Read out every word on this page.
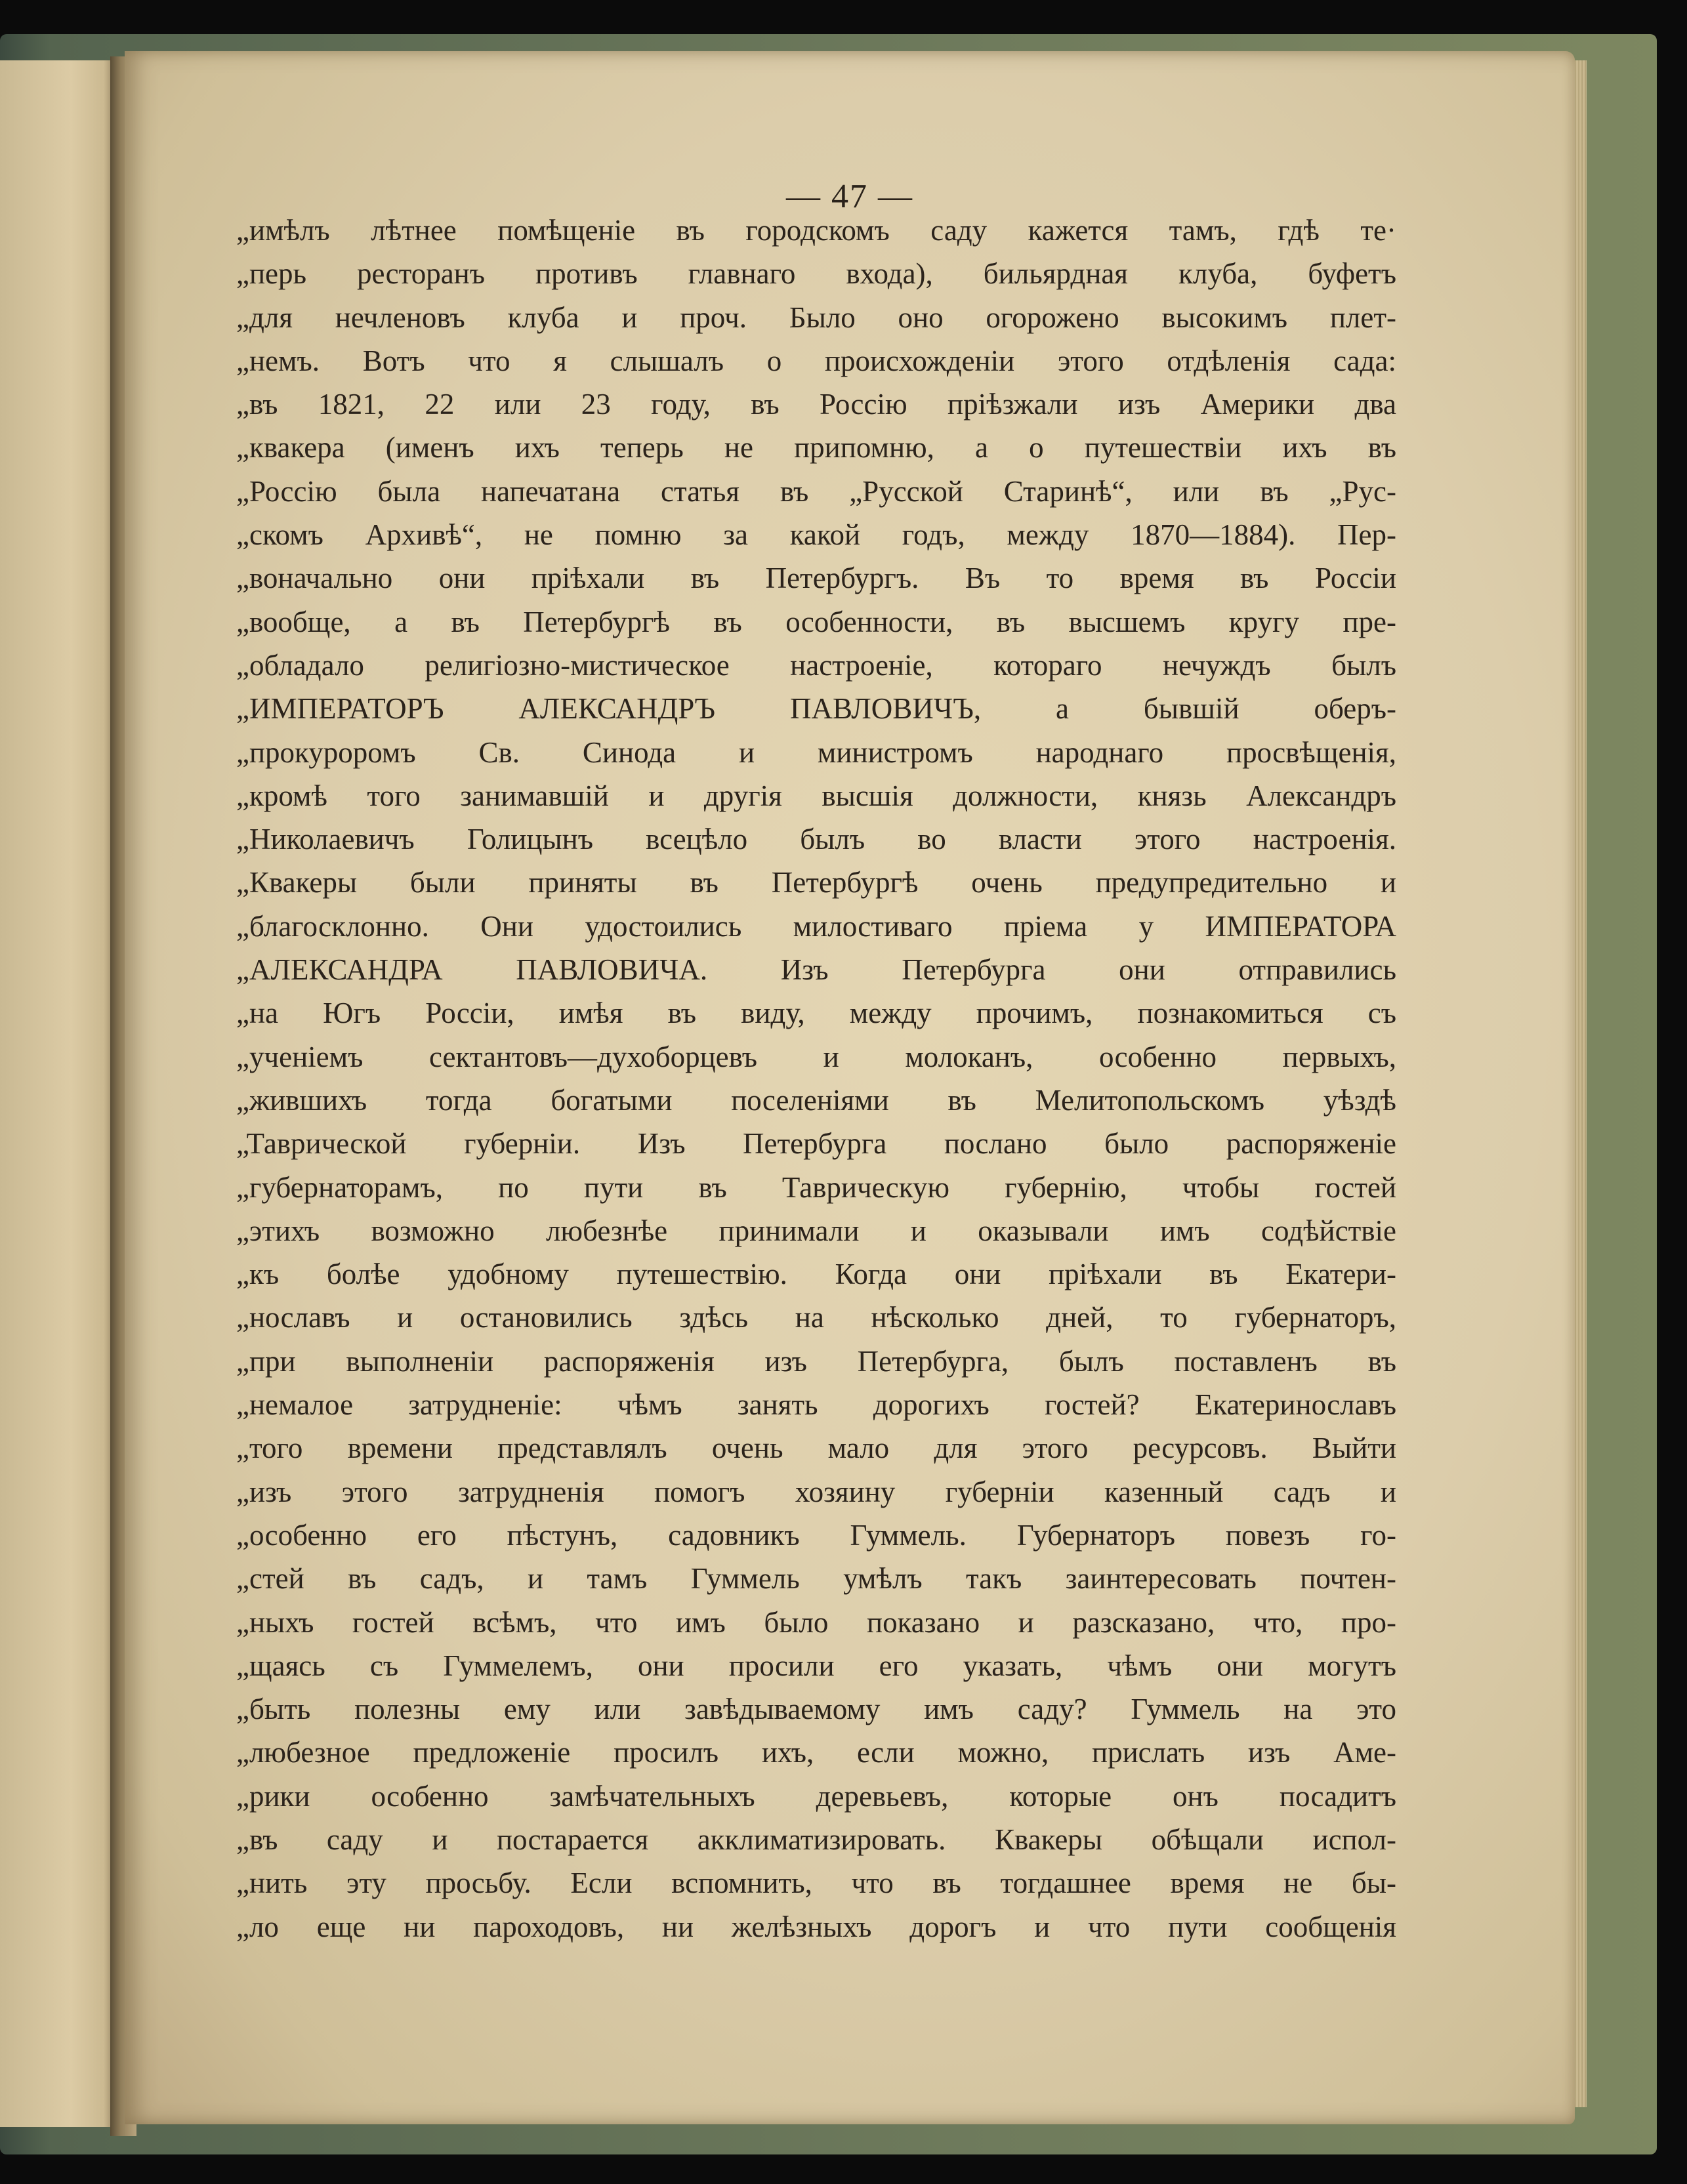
— 47 —
„имѣлъ лѣтнее помѣщеніе въ городскомъ саду кажется тамъ, гдѣ те·
„перь ресторанъ противъ главнаго входа), бильярдная клуба, буфетъ
„для нечленовъ клуба и проч. Было оно огорожено высокимъ плет-
„немъ. Вотъ что я слышалъ о происхожденіи этого отдѣленія сада:
„въ 1821, 22 или 23 году, въ Россію пріѣзжали изъ Америки два
„квакера (именъ ихъ теперь не припомню, а о путешествіи ихъ въ
„Россію была напечатана статья въ „Русской Старинѣ“, или въ „Рус-
„скомъ Архивѣ“, не помню за какой годъ, между 1870—1884). Пер-
„воначально они пріѣхали въ Петербургъ. Въ то время въ Россіи
„вообще, а въ Петербургѣ въ особенности, въ высшемъ кругу пре-
„обладало религіозно-мистическое настроеніе, котораго нечуждъ былъ
„ИМПЕРАТОРЪ АЛЕКСАНДРЪ ПАВЛОВИЧЪ, а бывшій оберъ-
„прокуроромъ Св. Синода и министромъ народнаго просвѣщенія,
„кромѣ того занимавшій и другія высшія должности, князь Александръ
„Николаевичъ Голицынъ всецѣло былъ во власти этого настроенія.
„Квакеры были приняты въ Петербургѣ очень предупредительно и
„благосклонно. Они удостоились милостиваго пріема у ИМПЕРАТОРА
„АЛЕКСАНДРА ПАВЛОВИЧА. Изъ Петербурга они отправились
„на Югъ Россіи, имѣя въ виду, между прочимъ, познакомиться съ
„ученіемъ сектантовъ—духоборцевъ и молоканъ, особенно первыхъ,
„жившихъ тогда богатыми поселеніями въ Мелитопольскомъ уѣздѣ
„Таврической губерніи. Изъ Петербурга послано было распоряженіе
„губернаторамъ, по пути въ Таврическую губернію, чтобы гостей
„этихъ возможно любезнѣе принимали и оказывали имъ содѣйствіе
„къ болѣе удобному путешествію. Когда они пріѣхали въ Екатери-
„нославъ и остановились здѣсь на нѣсколько дней, то губернаторъ,
„при выполненіи распоряженія изъ Петербурга, былъ поставленъ въ
„немалое затрудненіе: чѣмъ занять дорогихъ гостей? Екатеринославъ
„того времени представлялъ очень мало для этого ресурсовъ. Выйти
„изъ этого затрудненія помогъ хозяину губерніи казенный садъ и
„особенно его пѣстунъ, садовникъ Гуммель. Губернаторъ повезъ го-
„стей въ садъ, и тамъ Гуммель умѣлъ такъ заинтересовать почтен-
„ныхъ гостей всѣмъ, что имъ было показано и разсказано, что, про-
„щаясь съ Гуммелемъ, они просили его указать, чѣмъ они могутъ
„быть полезны ему или завѣдываемому имъ саду? Гуммель на это
„любезное предложеніе просилъ ихъ, если можно, прислать изъ Аме-
„рики особенно замѣчательныхъ деревьевъ, которые онъ посадитъ
„въ саду и постарается акклиматизировать. Квакеры обѣщали испол-
„нить эту просьбу. Если вспомнить, что въ тогдашнее время не бы-
„ло еще ни пароходовъ, ни желѣзныхъ дорогъ и что пути сообщенія
